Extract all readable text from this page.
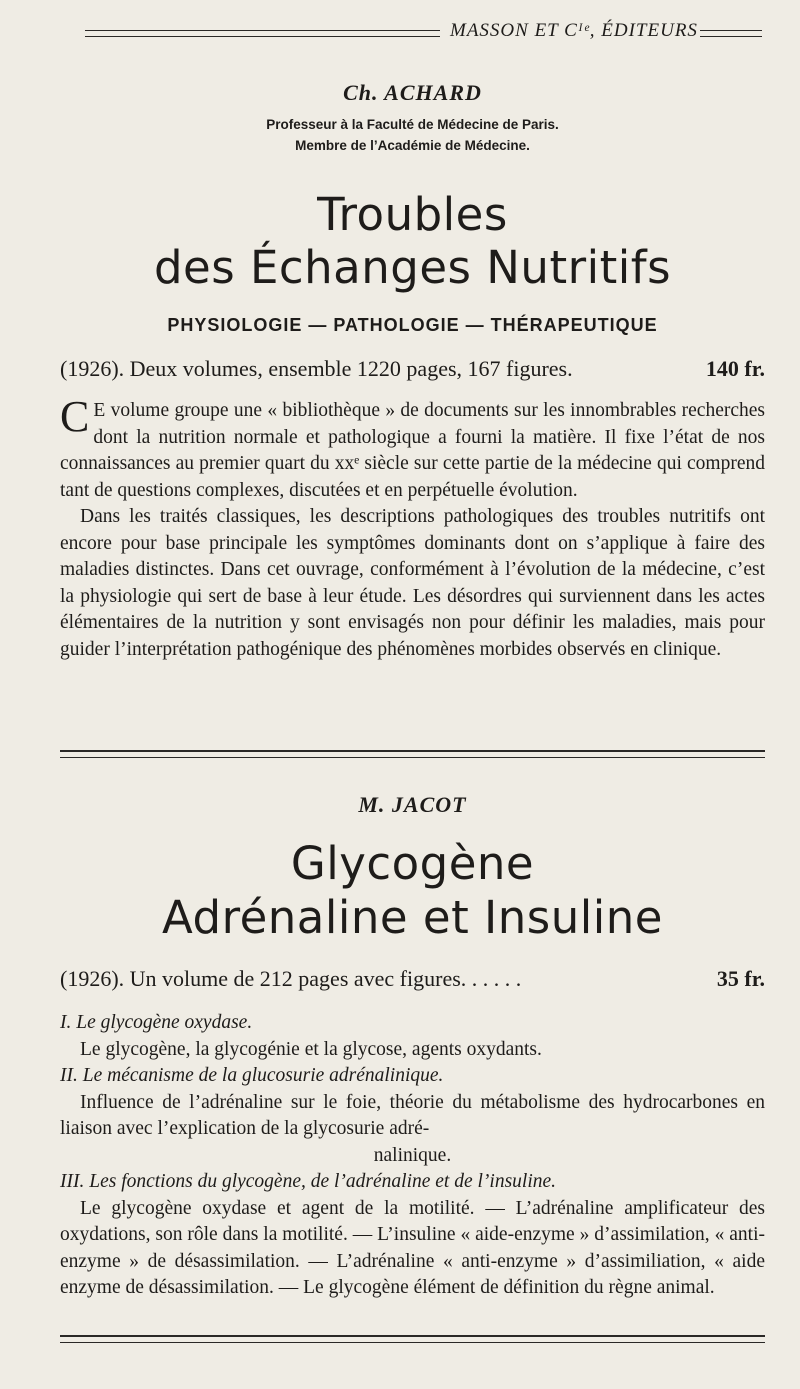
MASSON ET Cᴵᵉ, ÉDITEURS
Ch. ACHARD
Professeur à la Faculté de Médecine de Paris.
Membre de l’Académie de Médecine.
Troubles
des Échanges Nutritifs
PHYSIOLOGIE — PATHOLOGIE — THÉRAPEUTIQUE
(1926). Deux volumes, ensemble 1220 pages, 167 figures.	140 fr.

C E volume groupe une « bibliothèque » de documents sur les innombrables recherches dont la nutrition normale et pathologique a fourni la matière. Il fixe l’état de nos connaissances au premier quart du xxᵉ siècle sur cette partie de la médecine qui comprend tant de questions complexes, discutées et en perpétuelle évolution.

Dans les traités classiques, les descriptions pathologiques des troubles nutritifs ont encore pour base principale les symptômes dominants dont on s’applique à faire des maladies distinctes. Dans cet ouvrage, conformément à l’évolution de la médecine, c’est la physiologie qui sert de base à leur étude. Les désordres qui surviennent dans les actes élémentaires de la nutrition y sont envisagés non pour définir les maladies, mais pour guider l’interprétation pathogénique des phénomènes morbides observés en clinique.

M. JACOT
Glycogène
Adrénaline et Insuline
(1926). Un volume de 212 pages avec figures. . . . . .	35 fr.

I. Le glycogène oxydase.

Le glycogène, la glycogénie et la glycose, agents oxydants.

II. Le mécanisme de la glucosurie adrénalinique.

Influence de l’adrénaline sur le foie, théorie du métabolisme des hydrocarbones en liaison avec l’explication de la glycosurie adré-

nalinique.

III. Les fonctions du glycogène, de l’adrénaline et de l’insuline.

Le glycogène oxydase et agent de la motilité. — L’adrénaline amplificateur des oxydations, son rôle dans la motilité. — L’insuline « aide-enzyme » d’assimilation, « anti-enzyme » de désassimilation. — L’adrénaline « anti-enzyme » d’assimiliation, « aide enzyme de désassimilation. — Le glycogène élément de définition du règne animal.
